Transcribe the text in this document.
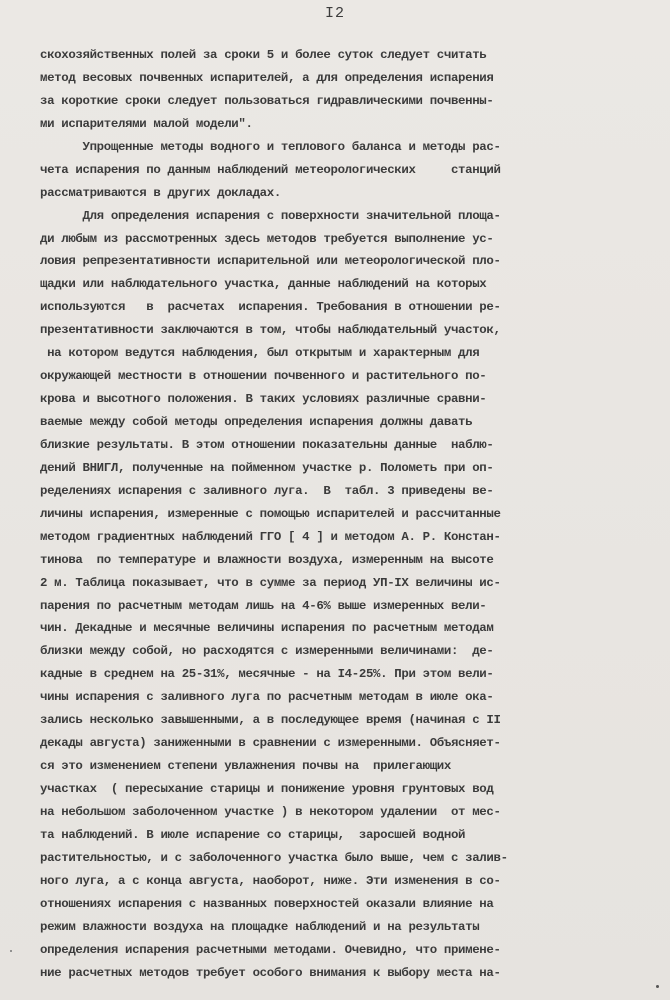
I2
скохозяйственных полей за сроки 5 и более суток следует считать
метод весовых почвенных испарителей, а для определения испарения
за короткие сроки следует пользоваться гидравлическими почвенны-
ми испарителями малой модели".
Упрощенные методы водного и теплового баланса и методы рас-
чета испарения по данным наблюдений метеорологических     станций
рассматриваются в других докладах.
Для определения испарения с поверхности значительной площа-
ди любым из рассмотренных здесь методов требуется выполнение ус-
ловия репрезентативности испарительной или метеорологической пло-
щадки или наблюдательного участка, данные наблюдений на которых
используются   в  расчетах  испарения. Требования в отношении ре-
презентативности заключаются в том, чтобы наблюдательный участок,
на котором ведутся наблюдения, был открытым и характерным для
окружающей местности в отношении почвенного и растительного по-
крова и высотного положения. В таких условиях различные сравни-
ваемые между собой методы определения испарения должны давать
близкие результаты. В этом отношении показательны данные  наблю-
дений ВНИГЛ, полученные на пойменном участке р. Полометь при оп-
ределениях испарения с заливного луга.  В  табл. 3 приведены ве-
личины испарения, измеренные с помощью испарителей и рассчитанные
методом градиентных наблюдений ГГО [ 4 ] и методом А. Р. Констан-
тинова  по температуре и влажности воздуха, измеренным на высоте
2 м. Таблица показывает, что в сумме за период УП-IX величины ис-
парения по расчетным методам лишь на 4-6% выше измеренных вели-
чин. Декадные и месячные величины испарения по расчетным методам
близки между собой, но расходятся с измеренными величинами:  де-
кадные в среднем на 25-31%, месячные - на I4-25%. При этом вели-
чины испарения с заливного луга по расчетным методам в июле ока-
зались несколько завышенными, а в последующее время (начиная с II
декады августа) заниженными в сравнении с измеренными. Объясняет-
ся это изменением степени увлажнения почвы на  прилегающих
участках  ( пересыхание старицы и понижение уровня грунтовых вод
на небольшом заболоченном участке ) в некотором удалении  от мес-
та наблюдений. В июле испарение со старицы,  заросшей водной
растительностью, и с заболоченного участка было выше, чем с залив-
ного луга, а с конца августа, наоборот, ниже. Эти изменения в со-
отношениях испарения с названных поверхностей оказали влияние на
режим влажности воздуха на площадке наблюдений и на результаты
определения испарения расчетными методами. Очевидно, что примене-
ние расчетных методов требует особого внимания к выбору места на-
